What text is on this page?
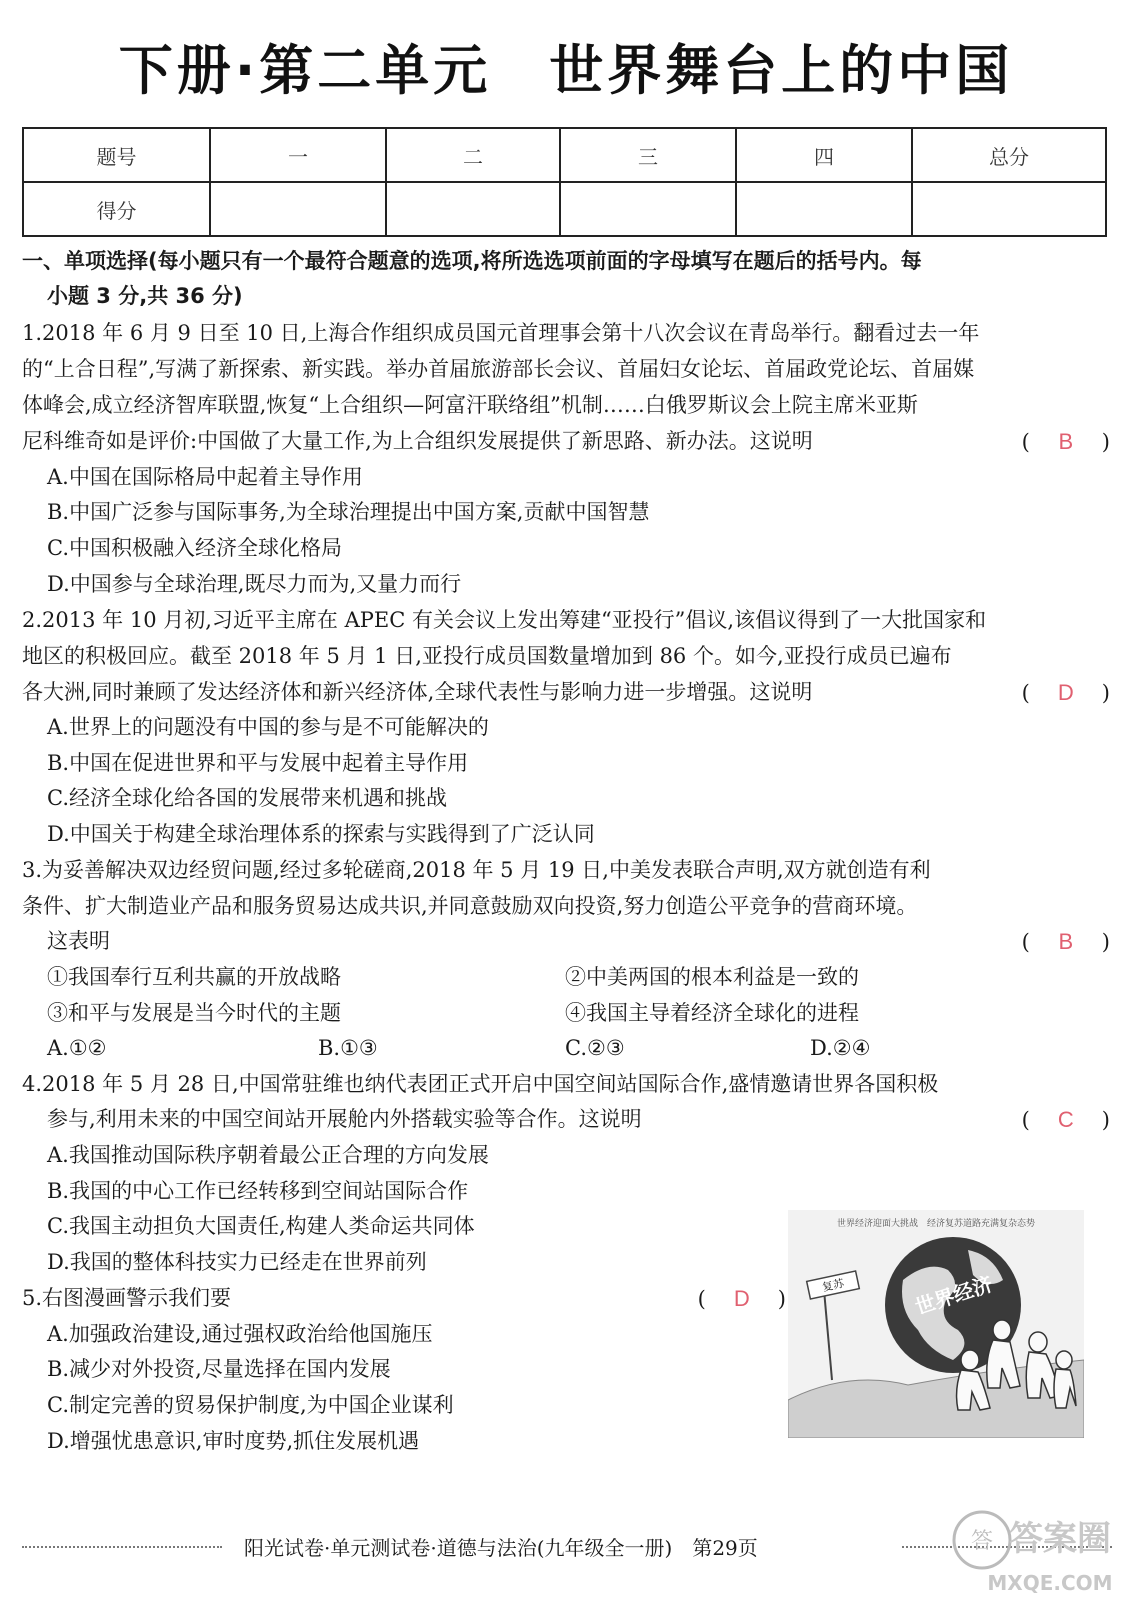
下册·第二单元　世界舞台上的中国
题号	一	二	三	四	总分
得分					
一、单项选择(每小题只有一个最符合题意的选项,将所选选项前面的字母填写在题后的括号内。每
小题 3 分,共 36 分)
1.2018 年 6 月 9 日至 10 日,上海合作组织成员国元首理事会第十八次会议在青岛举行。翻看过去一年
的“上合日程”,写满了新探索、新实践。举办首届旅游部长会议、首届妇女论坛、首届政党论坛、首届媒
体峰会,成立经济智库联盟,恢复“上合组织—阿富汗联络组”机制……白俄罗斯议会上院主席米亚斯
尼科维奇如是评价:中国做了大量工作,为上合组织发展提供了新思路、新办法。这说明	( B )
A.中国在国际格局中起着主导作用
B.中国广泛参与国际事务,为全球治理提出中国方案,贡献中国智慧
C.中国积极融入经济全球化格局
D.中国参与全球治理,既尽力而为,又量力而行
2.2013 年 10 月初,习近平主席在 APEC 有关会议上发出筹建“亚投行”倡议,该倡议得到了一大批国家和
地区的积极回应。截至 2018 年 5 月 1 日,亚投行成员国数量增加到 86 个。如今,亚投行成员已遍布
各大洲,同时兼顾了发达经济体和新兴经济体,全球代表性与影响力进一步增强。这说明	( D )
A.世界上的问题没有中国的参与是不可能解决的
B.中国在促进世界和平与发展中起着主导作用
C.经济全球化给各国的发展带来机遇和挑战
D.中国关于构建全球治理体系的探索与实践得到了广泛认同
3.为妥善解决双边经贸问题,经过多轮磋商,2018 年 5 月 19 日,中美发表联合声明,双方就创造有利
条件、扩大制造业产品和服务贸易达成共识,并同意鼓励双向投资,努力创造公平竞争的营商环境。
这表明	( B )
①我国奉行互利共赢的开放战略	②中美两国的根本利益是一致的
③和平与发展是当今时代的主题	④我国主导着经济全球化的进程
A.①②	B.①③	C.②③	D.②④
4.2018 年 5 月 28 日,中国常驻维也纳代表团正式开启中国空间站国际合作,盛情邀请世界各国积极
参与,利用未来的中国空间站开展舱内外搭载实验等合作。这说明	( C )
A.我国推动国际秩序朝着最公正合理的方向发展
B.我国的中心工作已经转移到空间站国际合作
C.我国主动担负大国责任,构建人类命运共同体
D.我国的整体科技实力已经走在世界前列
5.右图漫画警示我们要	( D )
A.加强政治建设,通过强权政治给他国施压
B.减少对外投资,尽量选择在国内发展
C.制定完善的贸易保护制度,为中国企业谋利
D.增强忧患意识,审时度势,抓住发展机遇
世界经济迎面大挑战　经济复苏道路充满复杂态势
世界经济
复苏
阳光试卷·单元测试卷·道德与法治(九年级全一册)　第29页	答 答案圈
MXQE.COM
